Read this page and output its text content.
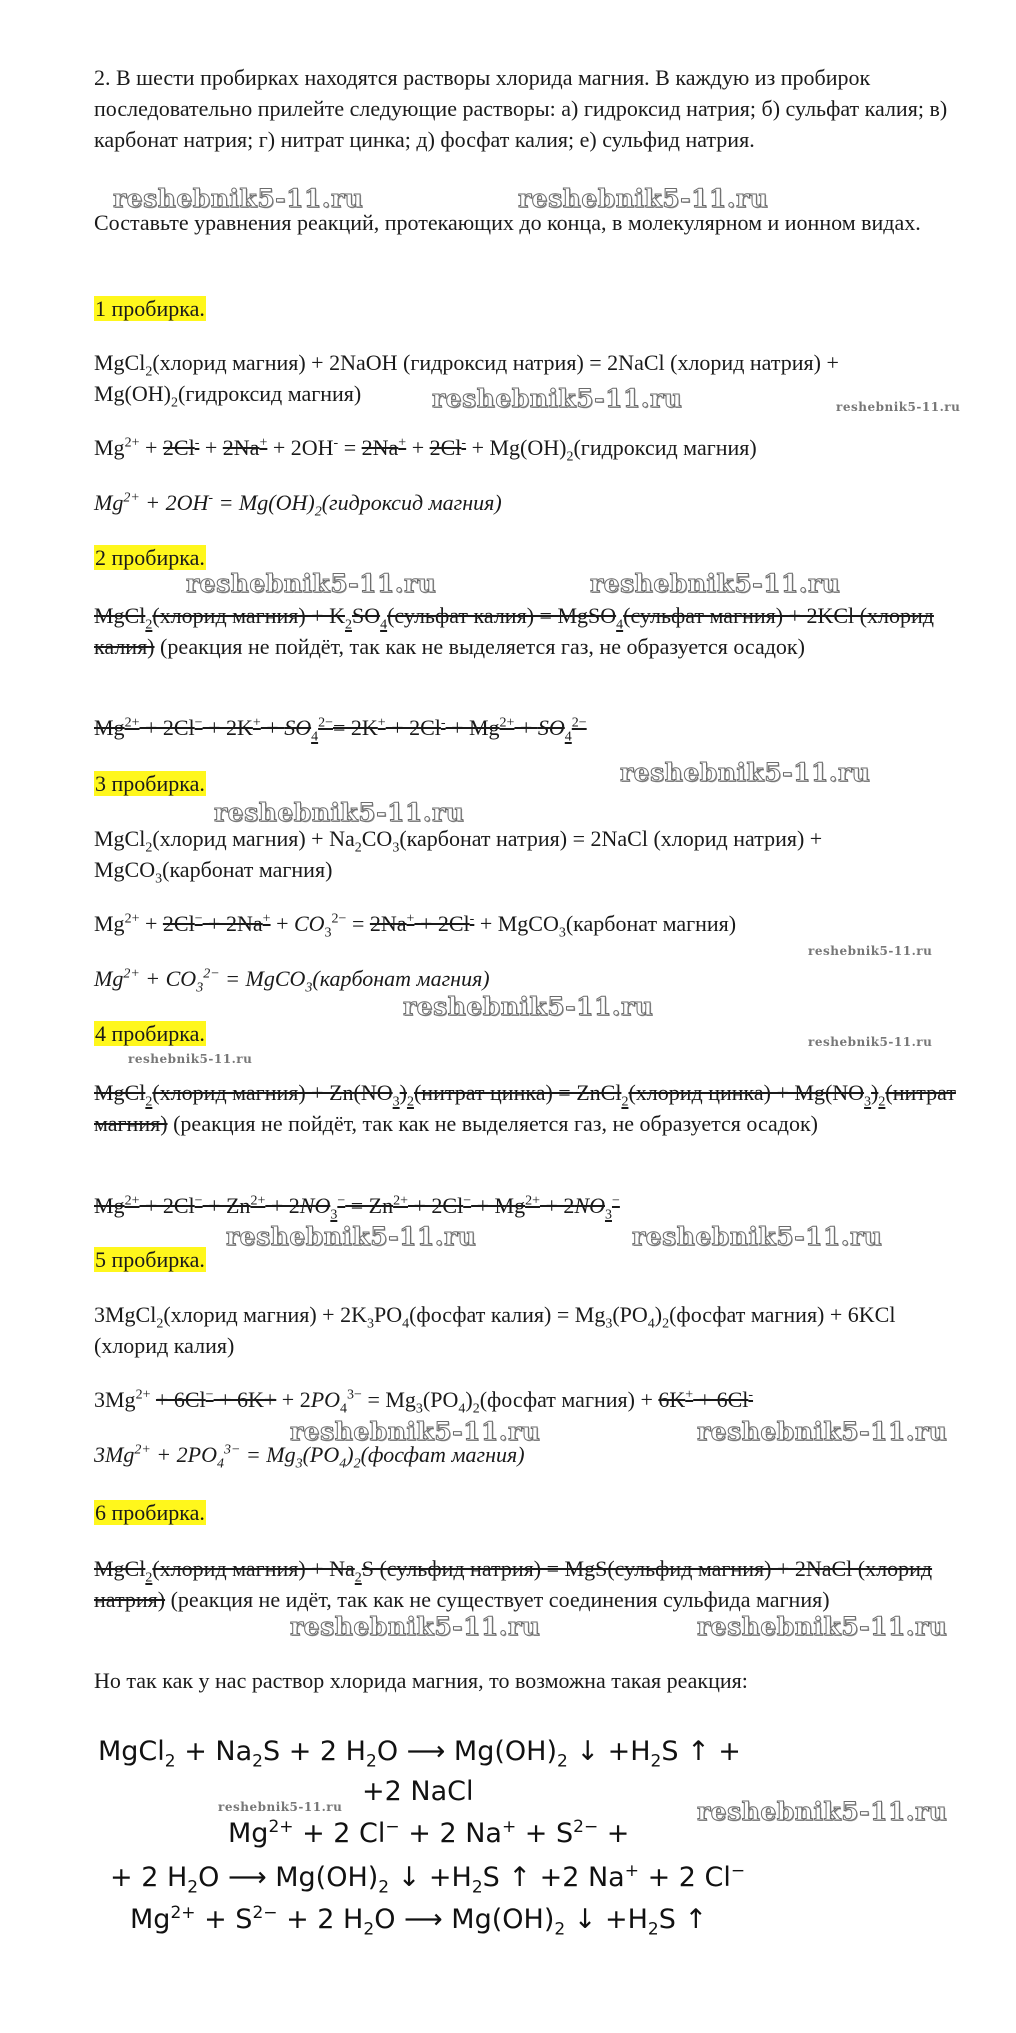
2. В шести пробирках находятся растворы хлорида магния. В каждую из пробирок последовательно прилейте следующие растворы: а) гидроксид натрия; б) сульфат калия; в) карбонат натрия; г) нитрат цинка; д) фосфат калия; е) сульфид натрия.
Составьте уравнения реакций, протекающих до конца, в молекулярном и ионном видах.
1 пробирка.
MgCl$_2$(хлорид магния) + 2NaOH (гидроксид натрия) = 2NaCl (хлорид натрия) + $Mg(OH)_2(гидроксид$ магния)
$Mg^{2+} + 2Cl^- + 2Na^+ + 2OH^- = 2Na^+ + 2Cl^-$ + $Mg(OH)_2(гидроксид$ магния)
$Mg^{2+} + 2OH^-$ = $Mg(OH)_2(гидроксид$ магния)
2 пробирка.
MgCl$_2$(хлорид магния) + $K_2SO_4(сульфат$ калия) = MgSO$_4$(сульфат магния) + 2KCl (хлорид калия) (реакция не пойдёт, так как не выделяется газ, не образуется осадок)
$Mg^{2+} + 2Cl^- + 2K^+ + SO_4^{2-}= 2K^+ + 2Cl^- + Mg^{2+} + SO_4^{2-}$
3 пробирка.
MgCl$_2$(хлорид магния) + $Na_2CO_3(карбонат$ натрия) = 2NaCl (хлорид натрия) + MgCO$_3$(карбонат магния)
$Mg^{2+} + 2Cl^- + 2Na^+ + CO_3^{2-} = 2Na^+ + 2Cl^-$ + MgCO$_3$(карбонат магния)
$Mg^{2+} + CO_3^{2-}$ = MgCO$_3$(карбонат магния)
4 пробирка.
MgCl$_2$(хлорид магния) + $Zn(NO_3)_2(нитрат$ цинка) = ZnCl$_2$(хлорид цинка) + $Mg(NO_3)_2(нитрат$ магния) (реакция не пойдёт, так как не выделяется газ, не образуется осадок)
$Mg^{2+} + 2Cl^- + Zn^{2+} + 2NO_3^- = Zn^{2+} + 2Cl^- + Mg^{2+} + 2NO_3^-$
5 пробирка.
3MgCl$_2$(хлорид магния) + $2K_3PO_4(фосфат$ калия) = $Mg_3(PO_4)_2(фосфат$ магния) + 6KCl (хлорид калия)
$3Mg^{2+} + 6Cl^- + 6K+ + 2PO_4^{3-}$ = $Mg_3(PO_4)_2(фосфат$ магния) + 6K+ + 6Cl-
$3Mg^{2+} + 2PO_4^{3-}$ = $Mg_3(PO_4)_2(фосфат$ магния)
6 пробирка.
MgCl$_2$(хлорид магния) + $Na_2S$ (сульфид натрия) = MgS(сульфид магния) + 2NaCl (хлорид натрия) (реакция не идёт, так как не существует соединения сульфида магния)
Но так как у нас раствор хлорида магния, то возможна такая реакция:
MgCl$_2$ + $Na_2S + 2$ $H_2O$ ⟶ $Mg(OH)_2$ ↓ $+H_2S$ ↑ +
+2 NaCl
$Mg^{2+} + 2$ Cl− + 2 $Na^+ + S^{2-}$ +
+ 2 $H_2O$ ⟶ $Mg(OH)_2$ ↓ $+H_2S$ ↑ +2 Na+ + 2 Cl−
$Mg^{2+} + S^{2-} + 2$ $H_2O$ ⟶ $Mg(OH)_2$ ↓ $+H_2S$ ↑
reshebnik5-11.ru	reshebnik5-11.ru
reshebnik5-11.ru	reshebnik5-11.ru
reshebnik5-11.ru	reshebnik5-11.ru
reshebnik5-11.ru
reshebnik5-11.ru
reshebnik5-11.ru
reshebnik5-11.ru
reshebnik5-11.ru
reshebnik5-11.ru
reshebnik5-11.ru	reshebnik5-11.ru
reshebnik5-11.ru	reshebnik5-11.ru
reshebnik5-11.ru	reshebnik5-11.ru
reshebnik5-11.ru	reshebnik5-11.ru
